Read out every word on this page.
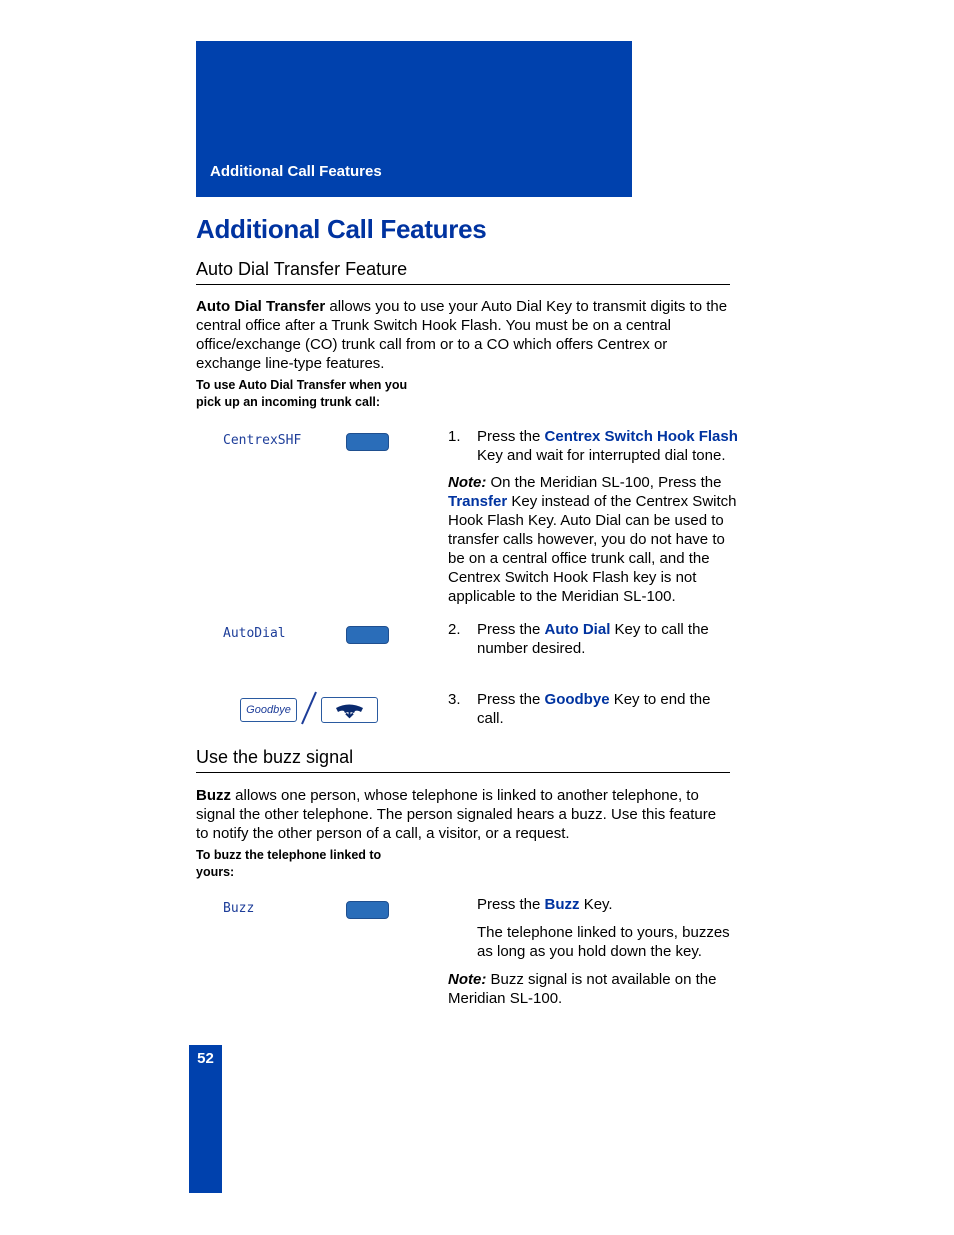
Additional Call Features
Additional Call Features
Auto Dial Transfer Feature
Auto Dial Transfer allows you to use your Auto Dial Key to transmit digits to the central office after a Trunk Switch Hook Flash. You must be on a central office/exchange (CO) trunk call from or to a CO which offers Centrex or exchange line-type features.
To use Auto Dial Transfer when you pick up an incoming trunk call:
CentrexSHF	1. Press the Centrex Switch Hook Flash Key and wait for interrupted dial tone.
Note: On the Meridian SL-100, Press the Transfer Key instead of the Centrex Switch Hook Flash Key. Auto Dial can be used to transfer calls however, you do not have to be on a central office trunk call, and the Centrex Switch Hook Flash key is not applicable to the Meridian SL-100.
AutoDial	2. Press the Auto Dial Key to call the number desired.
Goodbye
3. Press the Goodbye Key to end the call.
Use the buzz signal
Buzz allows one person, whose telephone is linked to another telephone, to signal the other telephone. The person signaled hears a buzz. Use this feature to notify the other person of a call, a visitor, or a request.
To buzz the telephone linked to yours:
Buzz	Press the Buzz Key.
The telephone linked to yours, buzzes as long as you hold down the key.
Note: Buzz signal is not available on the Meridian SL-100.
52
